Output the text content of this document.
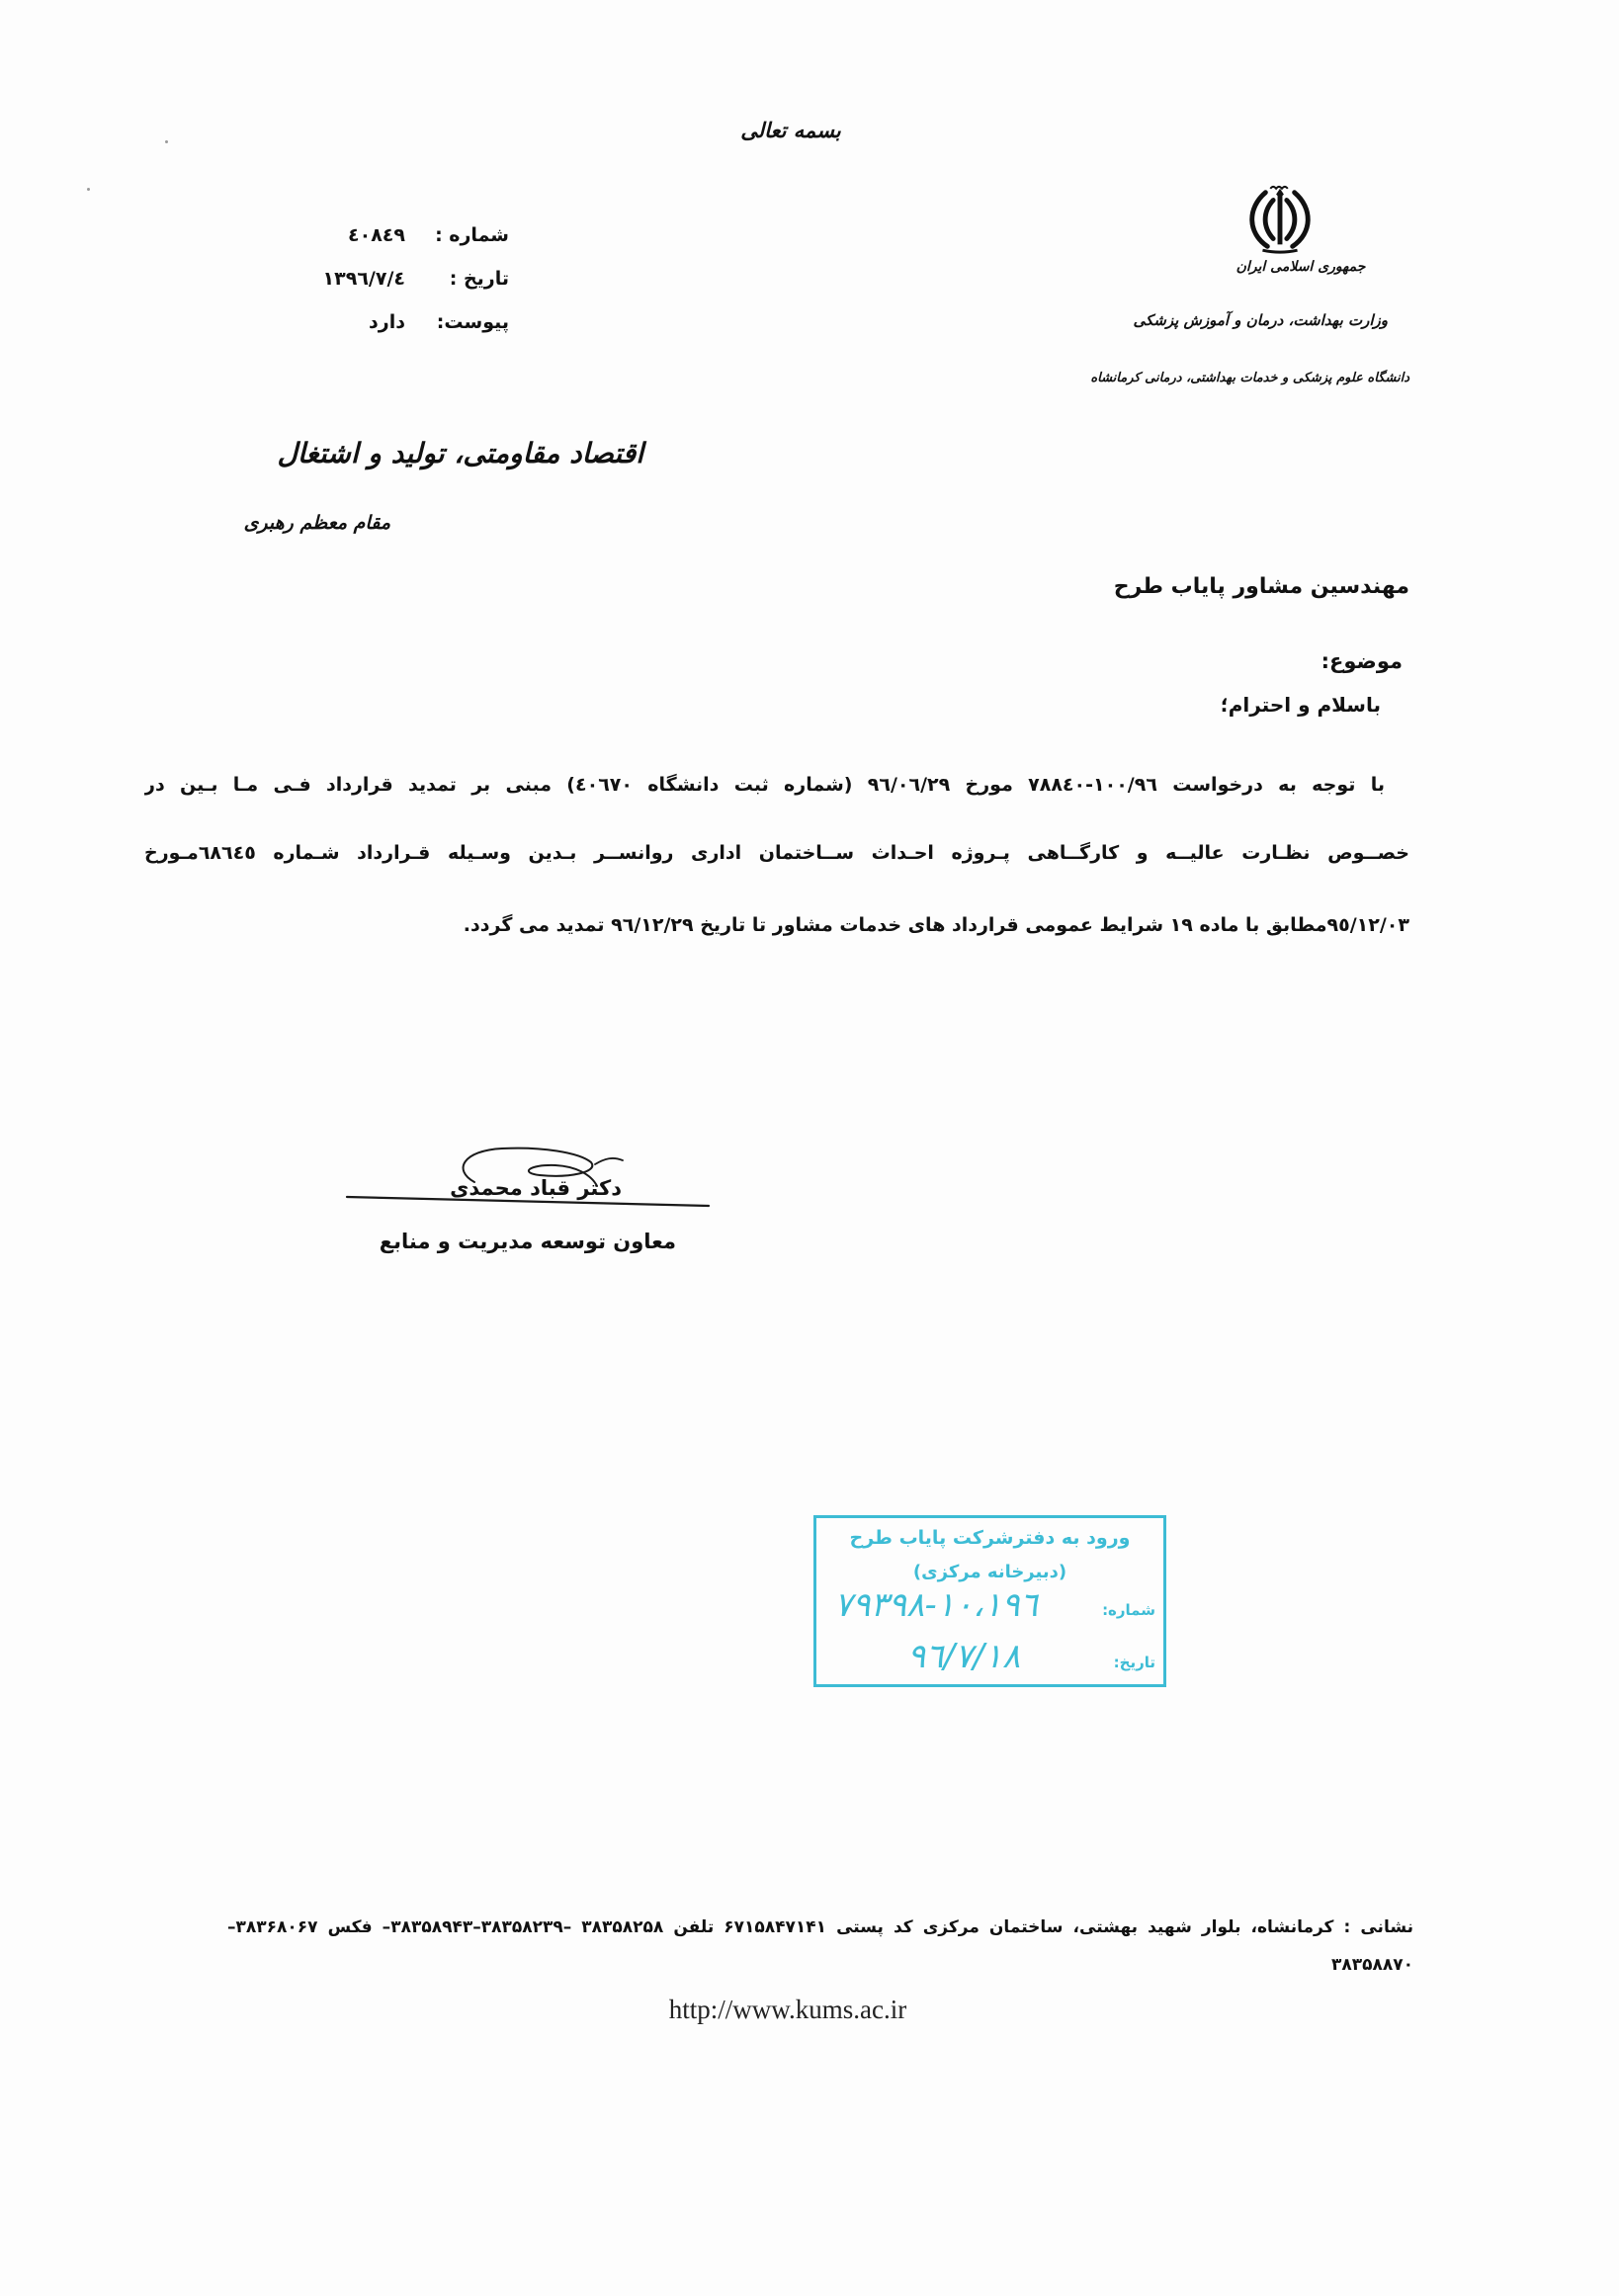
بسمه تعالی
جمهوری اسلامی ایران
وزارت بهداشت، درمان و آموزش پزشکی
دانشگاه علوم پزشکی و خدمات بهداشتی، درمانی کرمانشاه
شماره :
٤٠٨٤٩
تاریخ :
١٣٩٦/٧/٤
پیوست:
دارد
اقتصاد مقاومتی، تولید و اشتغال
مقام معظم رهبری
مهندسین مشاور پایاب طرح
موضوع:
باسلام و احترام؛
با توجه به درخواست ١٠٠/٩٦-٧٨٨٤٠ مورخ ٩٦/٠٦/٢٩ (شماره ثبت دانشگاه ٤٠٦٧٠) مبنی بر تمدید قرارداد فـی مـا بـین در
خصــوص نظـارت عالیــه و کارگــاهی پـروژه احـداث ســاختمان اداری روانســر بـدین وسـیله قـرارداد شـماره ٦٨٦٤٥مـورخ
٩٥/١٢/٠٣مطابق با ماده ١٩ شرایط عمومی قرارداد های خدمات مشاور تا تاریخ ٩٦/١٢/٢٩ تمدید می گردد.
دکتر قباد محمدی
معاون توسعه مدیریت و منابع
ورود به دفترشرکت پایاب طرح
(دبیرخانه مرکزی)
شماره:
١٠،١٩٦-٧٩٣٩٨
تاریخ:
٩٦/٧/١٨
نشانی : کرمانشاه، بلوار شهید بهشتی، ساختمان مرکزی کد پستی ۶۷۱۵۸۴۷۱۴۱ تلفن ۳۸۳۵۸۲۵۸ –۳۸۳۵۸۲۳۹–۳۸۳۵۸۹۴۳– فکس ۳۸۳۶۸۰۶۷–
۳۸۳۵۸۸۷۰
http://www.kums.ac.ir
